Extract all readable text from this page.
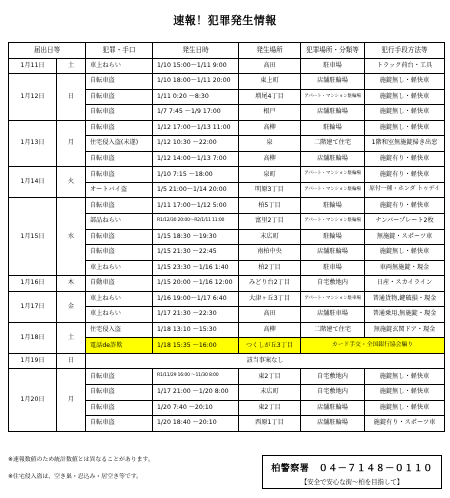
速報！犯罪発生情報
届出日等		犯罪・手口	発生日時	発生場所	犯罪場所・分類等	犯行手段方法等
1月11日	土	車上ねらい	1/10 15:00～1/11 9:00	高田	駐車場	トラック荷台・工具
1月12日	日	自転車盗	1/10 18:00～1/11 20:00	東上町	店舗駐輪場	施錠無し・軽快車
		自転車盗	1/11 0:20 ～8:30	増尾4丁目	アパート・マンション駐輪場	施錠無し・軽快車
		自転車盗	1/7 7:45 ～1/9 17:00	根戸	店舗駐輪場	施錠無し・軽快車
1月13日	月	自転車盗	1/12 17:00～1/13 11:00	高柳	駐輪場	施錠無し・軽快車
		住宅侵入盗(未遂)	1/12 10:30 ～22:00	泉	二階建て住宅	1階和室無施錠掃き出窓
		自転車盗	1/12 14:00～1/13 7:00	高柳	店舗駐輪場	施錠有り・軽快車
1月14日	火	自転車盗	1/10 7:15 ～18:00	泉町	アパート・マンション駐輪場	施錠有り・軽快車
		オートバイ盗	1/5 21:00～1/14 20:00	明原3丁目	アパート・マンション駐輪場	原付一種・ホンダ トゥデイ
1月15日	水	自転車盗	1/11 17:00～1/12 5:00	柏5丁目	駐輪場	施錠有り・軽快車
		部品ねらい	R1/12/30 20:00～R2/1/11 11:00	富里2丁目	アパート・マンション駐輪場	ナンバープレート2枚
		自転車盗	1/15 18:30 ～19:30	末広町	駐輪場	無施錠・スポーツ車
		自転車盗	1/15 21:30 ～22:45	南柏中央	店舗駐輪場	施錠無し・軽快車
		車上ねらい	1/15 23:30 ～1/16 1:40	柏2丁目	駐車場	車両無施錠・現金
1月16日	木	自動車盗	1/15 20:00 ～1/16 12:00	みどり台2丁目	自宅敷地内	日産・スカイライン
1月17日	金	車上ねらい	1/16 19:00～1/17 6:40	大津ヶ丘3丁目	アパート・マンション駐車場	普通貨物,鍵破損・現金
		車上ねらい	1/17 21:30 ～22:30	高田	店舗駐車場	普通乗用,無施錠・現金
1月18日	土	住宅侵入盗	1/18 13:10 ～15:30	高柳	二階建て住宅	無施錠玄関ドア・現金
		電話de詐欺	1/18 15:35 ～16:00	つくしが丘3丁目	カード手交・全国銀行協会騙り	
1月19日	日	該当事案なし				
1月20日	月	自転車盗	R1/11/29 16:00 ～11/30 8:00	東2丁目	自宅敷地内	施錠無し・軽快車
		自転車盗	1/17 21:00 ～1/20 8:00	末広町	自宅敷地内	施錠無し・軽快車
		自転車盗	1/20 7:40 ～20:10	東2丁目	店舗駐輪場	施錠無し・軽快車
		自転車盗	1/20 18:40 ～20:10	西原1丁目	店舗駐輪場	施錠有り・スポーツ車
※速報数値のため統計数値とは異なることがあります。
※住宅侵入盗は、空き巣・忍込み・居空き等です。
柏警察署　０４－７１４８－０１１０
【安全で安心な街～柏を目指して】
